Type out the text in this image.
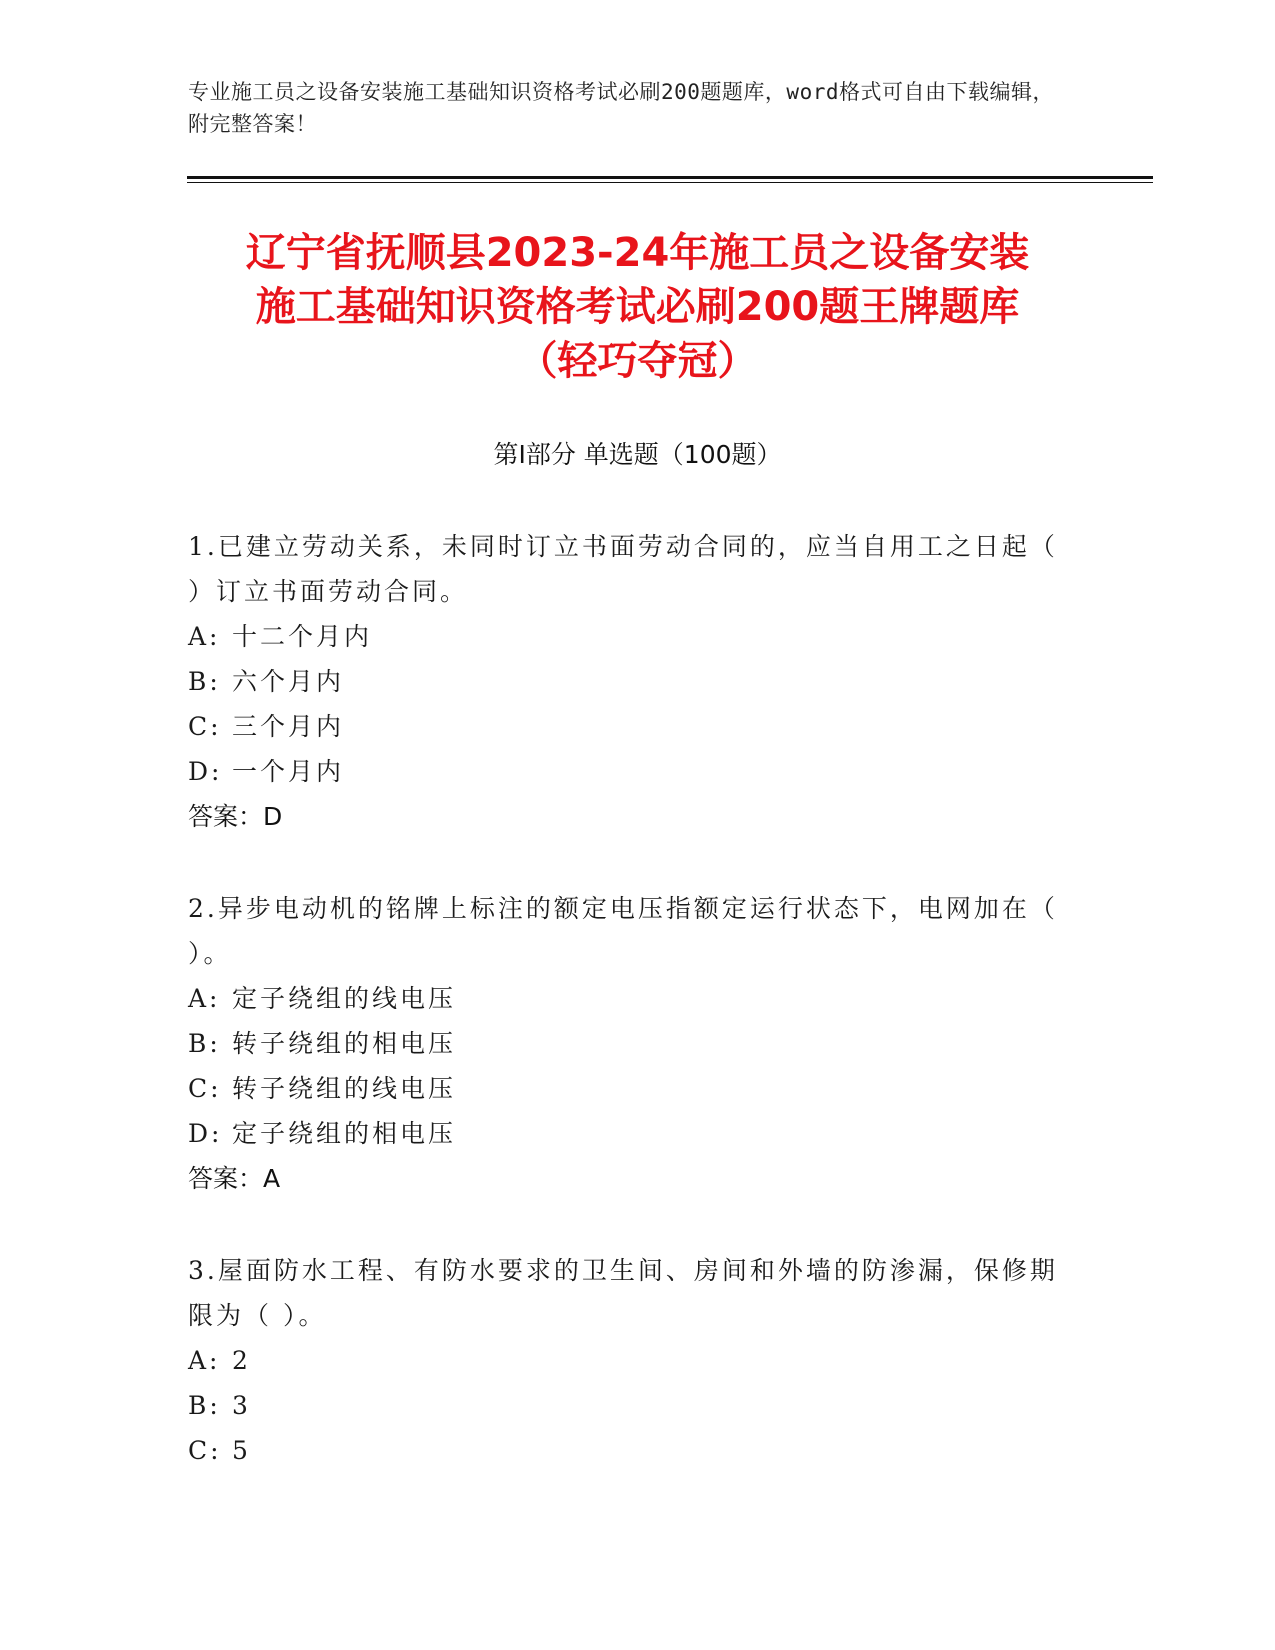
专业施工员之设备安装施工基础知识资格考试必刷200题题库，word格式可自由下载编辑，附完整答案！
辽宁省抚顺县2023-24年施工员之设备安装
施工基础知识资格考试必刷200题王牌题库
（轻巧夺冠）
第I部分 单选题（100题）
1.已建立劳动关系，未同时订立书面劳动合同的，应当自用工之日起（ ）订立书面劳动合同。
A: 十二个月内
B: 六个月内
C: 三个月内
D: 一个月内
答案：D
2.异步电动机的铭牌上标注的额定电压指额定运行状态下，电网加在（ ）。
A: 定子绕组的线电压
B: 转子绕组的相电压
C: 转子绕组的线电压
D: 定子绕组的相电压
答案：A
3.屋面防水工程、有防水要求的卫生间、房间和外墙的防渗漏，保修期限为（ ）。
A: 2
B: 3
C: 5
